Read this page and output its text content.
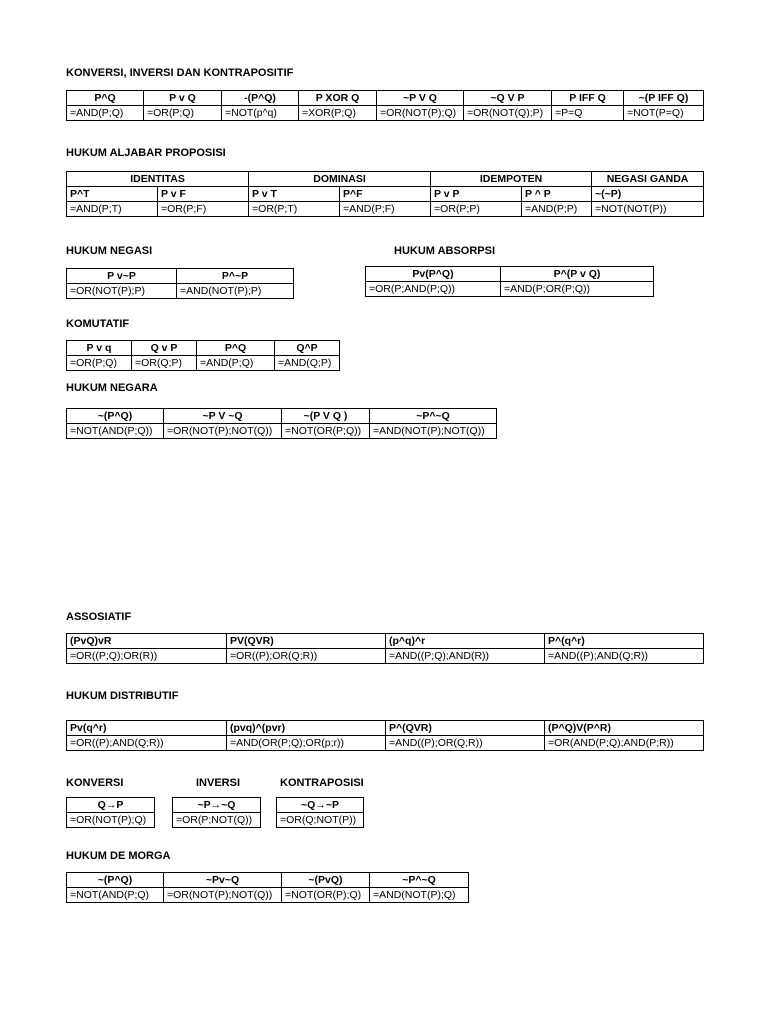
KONVERSI, INVERSI DAN KONTRAPOSITIF
P^Q	P v Q	-(P^Q)	P XOR Q	~P V Q	~Q V P	P IFF Q	~(P IFF Q)
=AND(P;Q)	=OR(P;Q)	=NOT(p^q)	=XOR(P;Q)	=OR(NOT(P);Q)	=OR(NOT(Q);P)	=P=Q	=NOT(P=Q)
HUKUM ALJABAR PROPOSISI
IDENTITAS		DOMINASI		IDEMPOTEN		NEGASI GANDA
P^T	P v F	P v T	P^F	P v P	P ^ P	~(~P)
=AND(P;T)	=OR(P;F)	=OR(P;T)	=AND(P;F)	=OR(P;P)	=AND(P;P)	=NOT(NOT(P))
HUKUM NEGASI
P v~P	P^~P
=OR(NOT(P);P)	=AND(NOT(P);P)
HUKUM ABSORPSI
Pv(P^Q)	P^(P v Q)
=OR(P;AND(P;Q))	=AND(P;OR(P;Q))
KOMUTATIF
P v q	Q v P	P^Q	Q^P
=OR(P;Q)	=OR(Q;P)	=AND(P;Q)	=AND(Q;P)
HUKUM NEGARA
~(P^Q)	~P V ~Q	~(P V Q )	~P^~Q
=NOT(AND(P;Q))	=OR(NOT(P);NOT(Q))	=NOT(OR(P;Q))	=AND(NOT(P);NOT(Q))
ASSOSIATIF
(PvQ)vR	PV(QVR)	(p^q)^r	P^(q^r)
=OR((P;Q);OR(R))	=OR((P);OR(Q;R))	=AND((P;Q);AND(R))	=AND((P);AND(Q;R))
HUKUM DISTRIBUTIF
Pv(q^r)	(pvq)^(pvr)	P^(QVR)	(P^Q)V(P^R)
=OR((P);AND(Q;R))	=AND(OR(P;Q);OR(p;r))	=AND((P);OR(Q;R))	=OR(AND(P;Q);AND(P;R))
KONVERSI	INVERSI	KONTRAPOSISI
Q→P
=OR(NOT(P);Q)
~P→~Q
=OR(P;NOT(Q))
~Q→~P
=OR(Q;NOT(P))
HUKUM DE MORGA
~(P^Q)	~Pv~Q	~(PvQ)	~P^~Q
=NOT(AND(P;Q)	=OR(NOT(P);NOT(Q))	=NOT(OR(P);Q)	=AND(NOT(P);Q)
